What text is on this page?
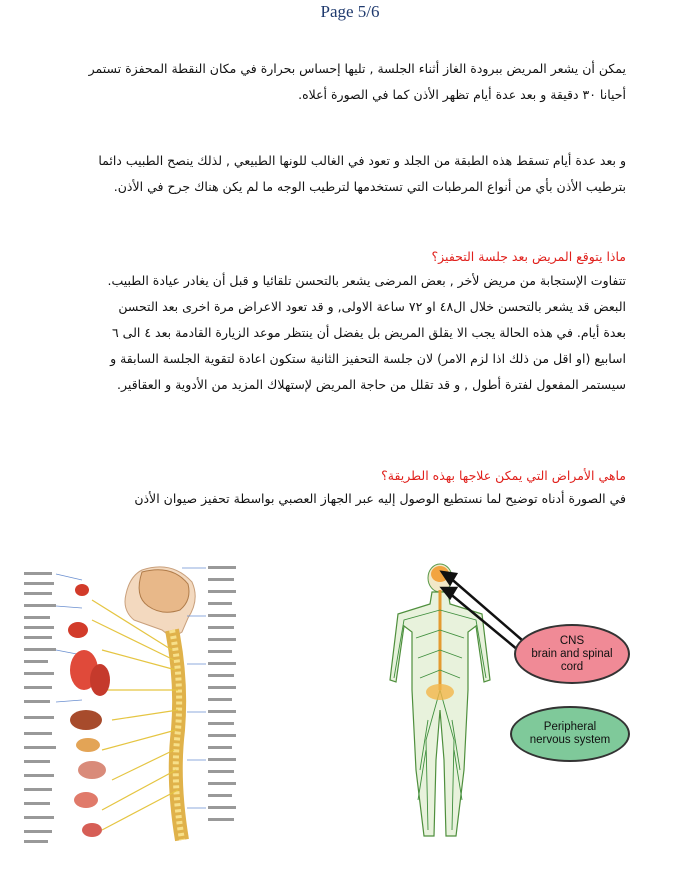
Page 5/6

يمكن أن يشعر المريض ببرودة الغاز أثناء الجلسة , تليها إحساس بحرارة في مكان النقطة المحفزة تستمر

أحيانا ٣٠ دقيقة و بعد عدة أيام تظهر الأذن كما في الصورة أعلاه.

و بعد عدة أيام تسقط هذه الطبقة من الجلد و تعود في الغالب للونها الطبيعي , لذلك ينصح الطبيب دائما

بترطيب الأذن بأي من أنواع المرطبات التي تستخدمها لترطيب الوجه ما لم يكن هناك جرح في الأذن.

ماذا يتوقع المريض بعد جلسة التحفيز؟

تتفاوت الإستجابة من مريض لأخر , بعض المرضى يشعر بالتحسن تلقائيا و قبل أن يغادر عيادة الطبيب.

البعض قد يشعر بالتحسن خلال ال٤٨ او ٧٢ ساعة الاولى, و قد تعود الاعراض مرة اخرى بعد التحسن

بعدة أيام. في هذه الحالة يجب الا يقلق المريض بل يفضل أن ينتظر موعد الزيارة القادمة بعد ٤ الى ٦

اسابيع (او اقل من ذلك اذا لزم الامر) لان جلسة التحفيز الثانية ستكون اعادة لتقوية الجلسة السابقة و

سيستمر المفعول لفترة أطول , و قد تقلل من حاجة المريض لإستهلاك المزيد من الأدوية و العقاقير.

ماهي الأمراض التي يمكن علاجها بهذه الطريقة؟

في الصورة أدناه توضيح لما نستطيع الوصول إليه عبر الجهاز العصبي بواسطة تحفيز صيوان الأذن

CNS
brain and spinal
cord
Peripheral
nervous system
